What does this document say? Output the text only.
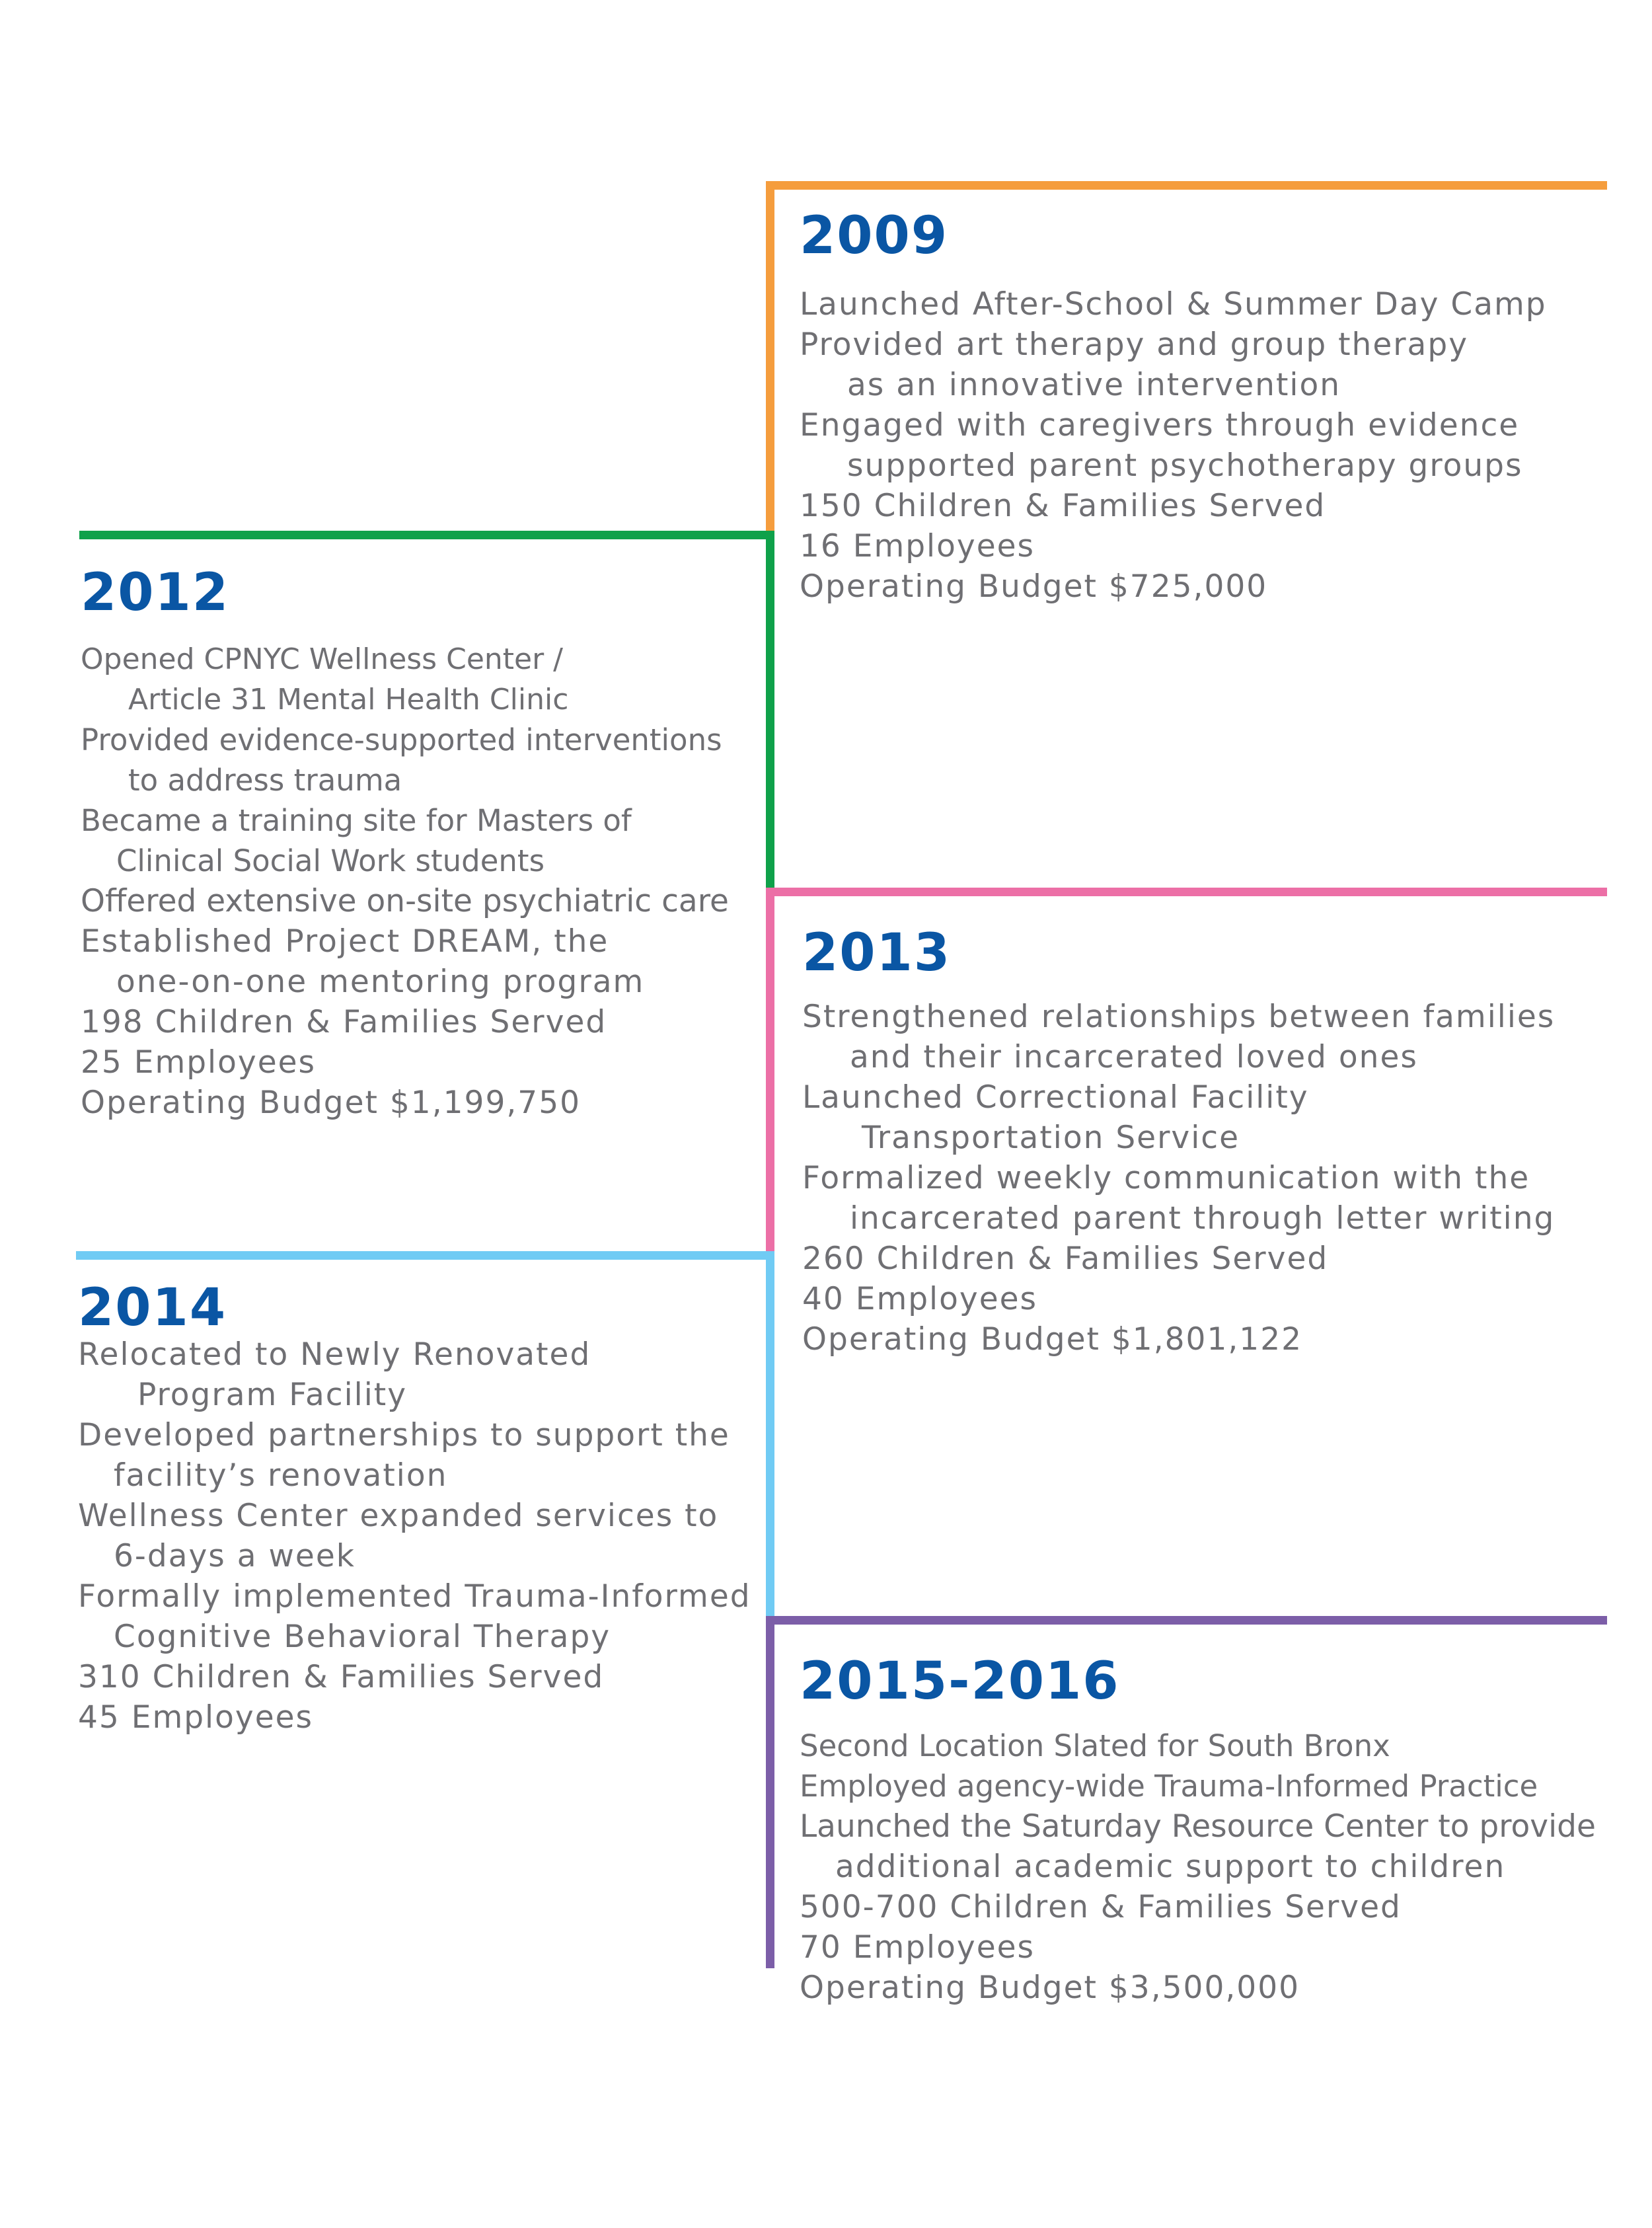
2009
Launched After-School & Summer Day Camp
Provided art therapy and group therapy
as an innovative intervention
Engaged with caregivers through evidence
supported parent psychotherapy groups
150 Children & Families Served
16 Employees
Operating Budget $725,000
2012
Opened CPNYC Wellness Center /
Article 31 Mental Health Clinic
Provided evidence-supported interventions
to address trauma
Became a training site for Masters of
Clinical Social Work students
Offered extensive on-site psychiatric care
Established Project DREAM, the
one-on-one mentoring program
198 Children & Families Served
25 Employees
Operating Budget $1,199,750
2013
Strengthened relationships between families
and their incarcerated loved ones
Launched Correctional Facility
Transportation Service
Formalized weekly communication with the
incarcerated parent through letter writing
260 Children & Families Served
40 Employees
Operating Budget $1,801,122
2014
Relocated to Newly Renovated
Program Facility
Developed partnerships to support the
facility’s renovation
Wellness Center expanded services to
6-days a week
Formally implemented Trauma-Informed
Cognitive Behavioral Therapy
310 Children & Families Served
45 Employees
2015-2016
Second Location Slated for South Bronx
Employed agency-wide Trauma-Informed Practice
Launched the Saturday Resource Center to provide
additional academic support to children
500-700 Children & Families Served
70 Employees
Operating Budget $3,500,000
